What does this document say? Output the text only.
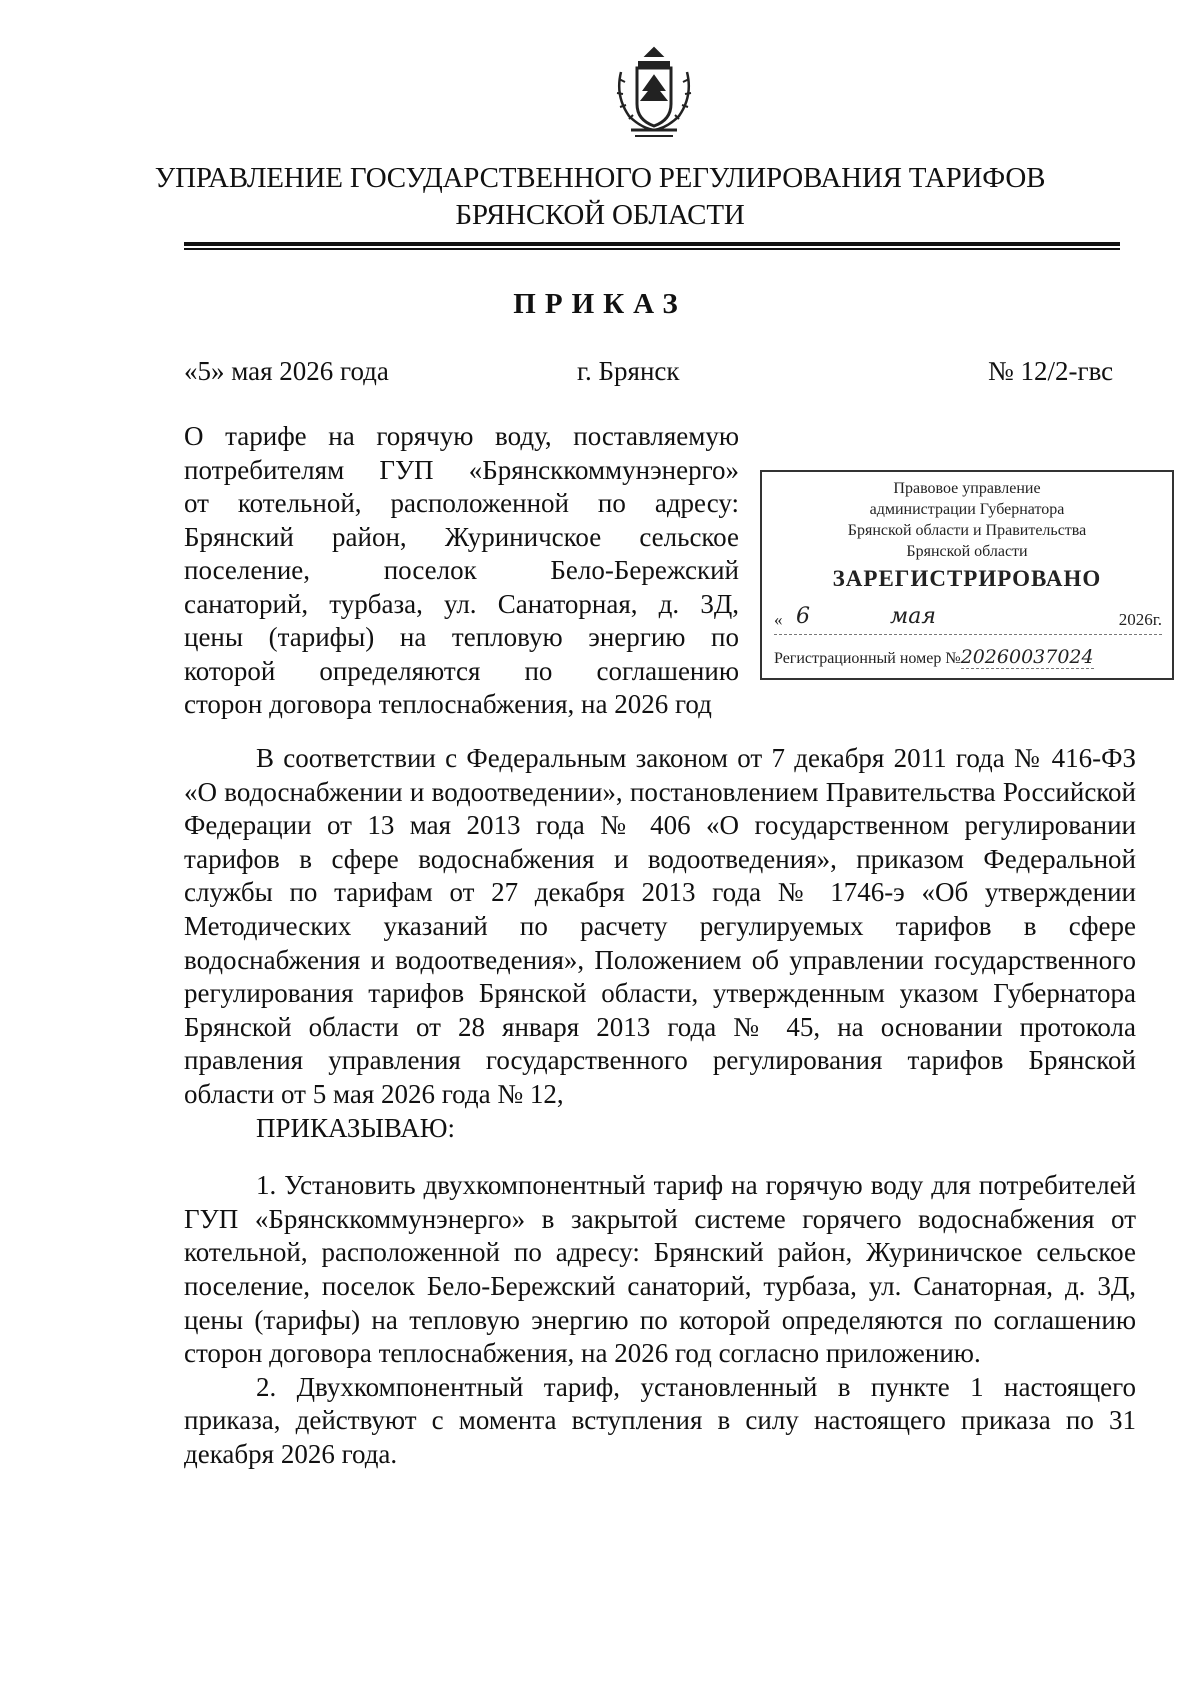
УПРАВЛЕНИЕ ГОСУДАРСТВЕННОГО РЕГУЛИРОВАНИЯ ТАРИФОВ
БРЯНСКОЙ ОБЛАСТИ
ПРИКАЗ
«5» мая 2026 года	г. Брянск	№ 12/2-гвс
О тарифе на горячую воду, поставляемую
потребителям ГУП «Брянсккоммунэнерго»
от котельной, расположенной по адресу:
Брянский район, Журиничское сельское
поселение, поселок Бело-Бережский
санаторий, турбаза, ул. Санаторная, д. 3Д,
цены (тарифы) на тепловую энергию по
которой определяются по соглашению
сторон договора теплоснабжения, на 2026 год
Правовое управление
администрации Губернатора
Брянской области и Правительства
Брянской области
ЗАРЕГИСТРИРОВАНО
« 6	мая	2026г.
Регистрационный номер №20260037024

В соответствии с Федеральным законом от 7 декабря 2011 года № 416-ФЗ «О водоснабжении и водоотведении», постановлением Правительства Российской Федерации от 13 мая 2013 года № 406 «О государственном регулировании тарифов в сфере водоснабжения и водоотведения», приказом Федеральной службы по тарифам от 27 декабря 2013 года № 1746-э «Об утверждении Методических указаний по расчету регулируемых тарифов в сфере водоснабжения и водоотведения», Положением об управлении государственного регулирования тарифов Брянской области, утвержденным указом Губернатора Брянской области от 28 января 2013 года № 45, на основании протокола правления управления государственного регулирования тарифов Брянской области от 5 мая 2026 года № 12,

ПРИКАЗЫВАЮ:

1. Установить двухкомпонентный тариф на горячую воду для потребителей ГУП «Брянсккоммунэнерго» в закрытой системе горячего водоснабжения от котельной, расположенной по адресу: Брянский район, Журиничское сельское поселение, поселок Бело-Бережский санаторий, турбаза, ул. Санаторная, д. 3Д, цены (тарифы) на тепловую энергию по которой определяются по соглашению сторон договора теплоснабжения, на 2026 год согласно приложению.

2. Двухкомпонентный тариф, установленный в пункте 1 настоящего приказа, действуют с момента вступления в силу настоящего приказа по 31 декабря 2026 года.
